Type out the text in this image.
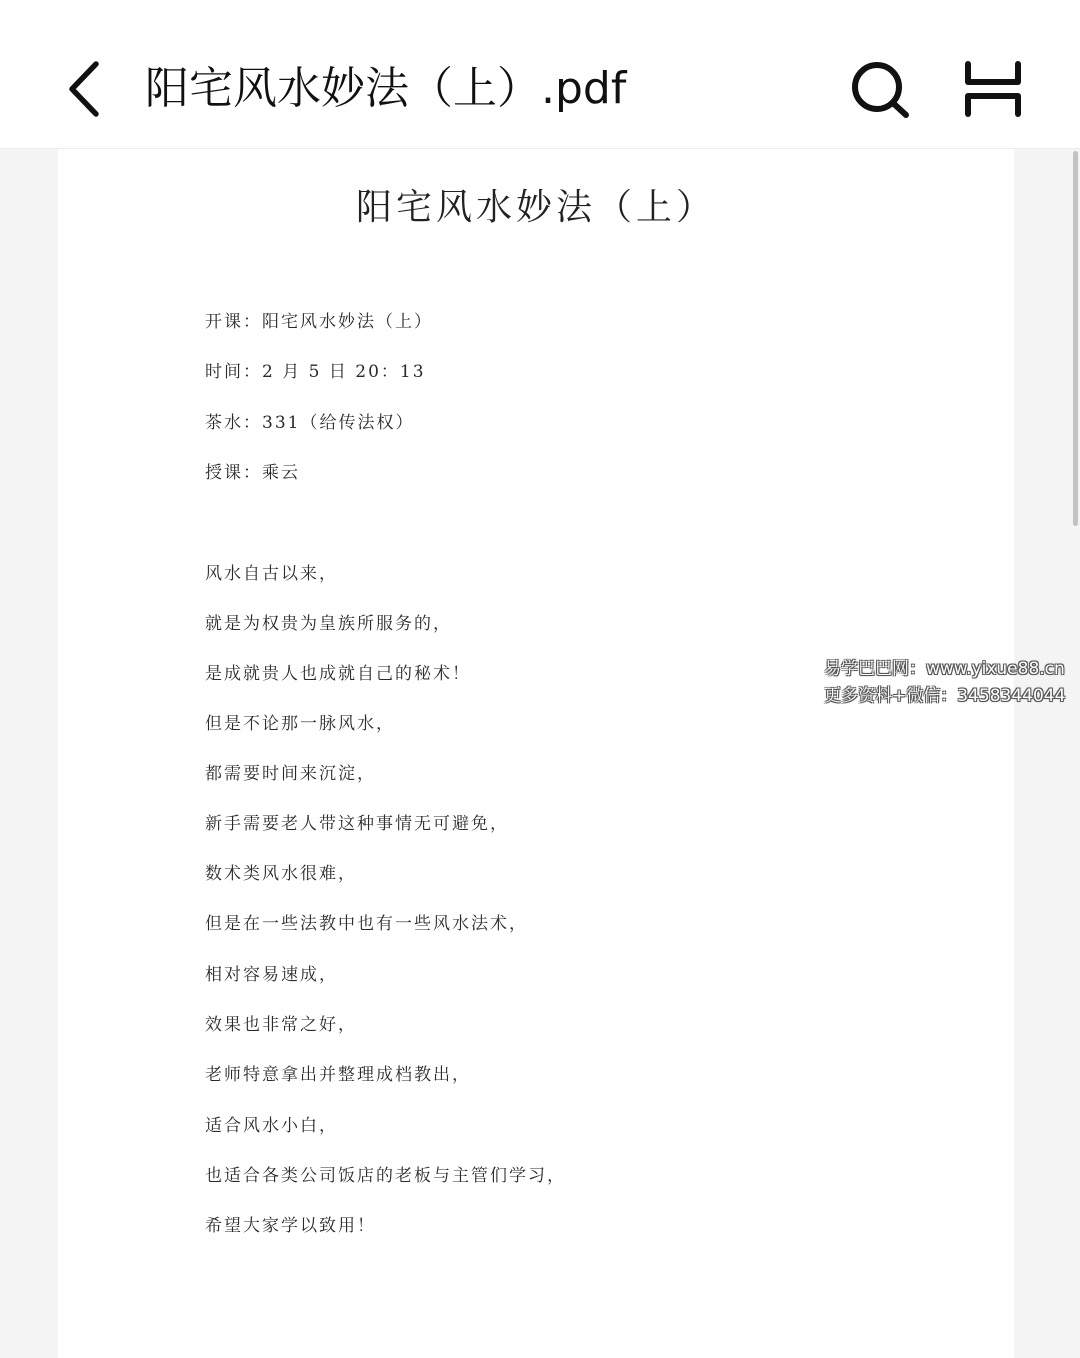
阳宅风水妙法（上）.pdf
阳宅风水妙法（上）
开课：阳宅风水妙法（上）
时间：2 月 5 日 20：13
茶水：331（给传法权）
授课：乘云
风水自古以来，
就是为权贵为皇族所服务的，
是成就贵人也成就自己的秘术！
但是不论那一脉风水，
都需要时间来沉淀，
新手需要老人带这种事情无可避免，
数术类风水很难，
但是在一些法教中也有一些风水法术，
相对容易速成，
效果也非常之好，
老师特意拿出并整理成档教出，
适合风水小白，
也适合各类公司饭店的老板与主管们学习，
希望大家学以致用！
易学巴巴网：www.yixue88.cn
更多资料+微信：3458344044
